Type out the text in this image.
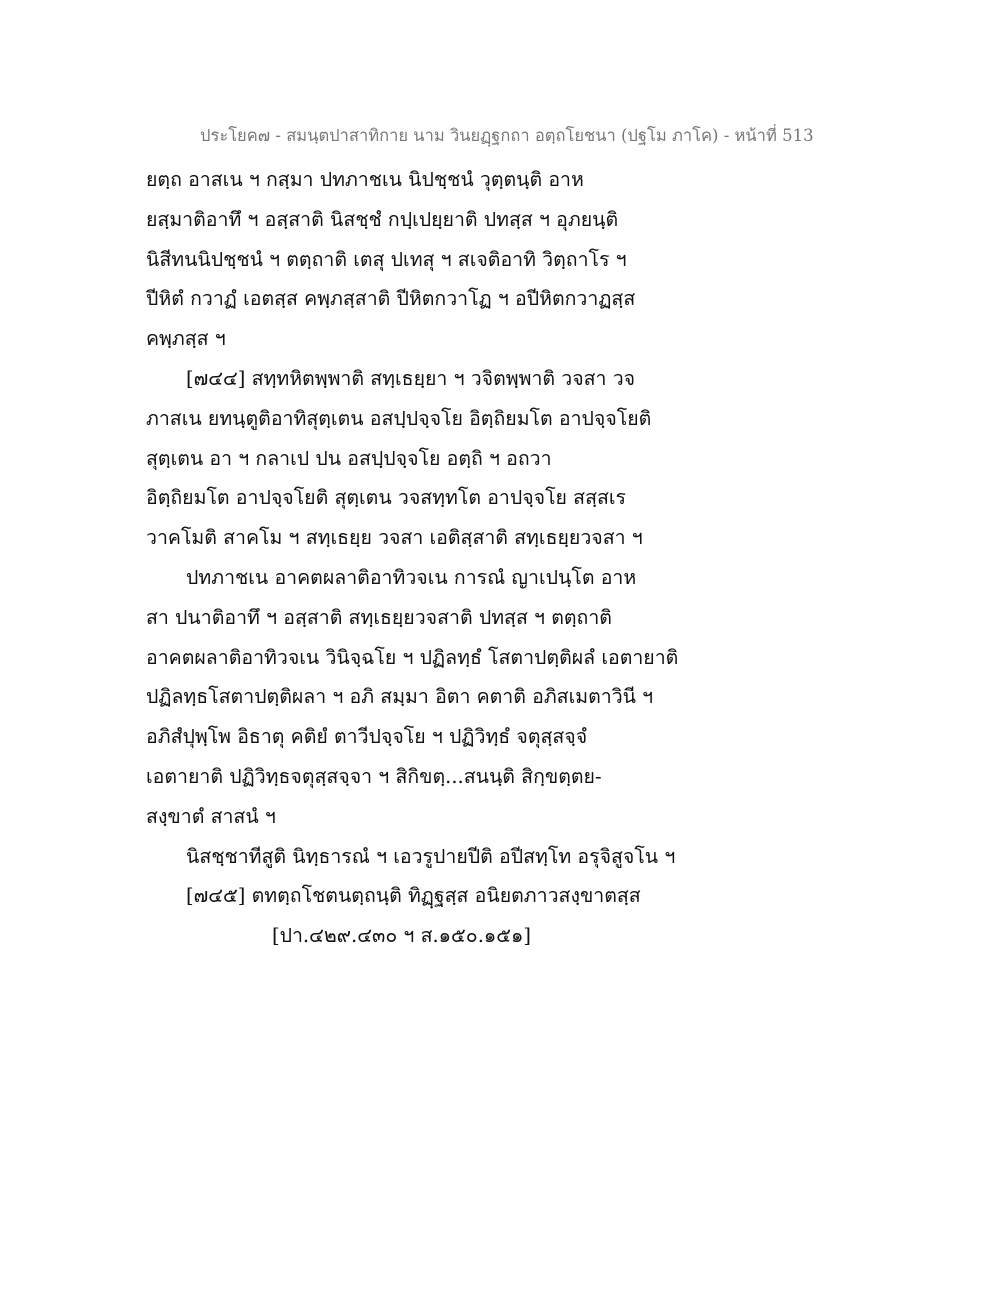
ประโยค๗ - สมนฺตปาสาทิกาย นาม วินยฏฺฐกถา อตฺถโยชนา (ปฐโม ภาโค) - หน้าที่ 513
ยตฺถ อาสเน ฯ กสฺมา ปทภาชเน นิปชฺชนํ วุตฺตนฺติ อาห
ยสฺมาติอาทึ ฯ อสฺสาติ นิสชฺชํ กปฺเปยฺยาติ ปทสฺส ฯ อุภยนฺติ
นิสีทนนิปชฺชนํ ฯ ตตฺถาติ เตสุ ปเทสุ ฯ สเจติอาทิ วิตฺถาโร ฯ
ปีหิตํ กวาฏํ เอตสฺส คพฺภสฺสาติ ปีหิตกวาโฏ ฯ อปีหิตกวาฏสฺส
คพฺภสฺส ฯ
[๗๔๔] สทฺทหิตพฺพาติ สทฺเธยฺยา ฯ วจิตพฺพาติ วจสา วจ
ภาสเน ยทนฺตูติอาทิสุตฺเตน อสปฺปจฺจโย อิตฺถิยมโต อาปจฺจโยติ
สุตฺเตน อา ฯ กลาเป ปน อสปฺปจฺจโย อตฺถิ ฯ อถวา
อิตฺถิยมโต อาปจฺจโยติ สุตฺเตน วจสทฺทโต อาปจฺจโย สสฺสเร
วาคโมติ สาคโม ฯ สทฺเธยฺย วจสา เอติสฺสาติ สทฺเธยฺยวจสา ฯ
ปทภาชเน อาคตผลาติอาทิวจเน การณํ ญาเปนฺโต อาห
สา ปนาติอาทึ ฯ อสฺสาติ สทฺเธยฺยวจสาติ ปทสฺส ฯ ตตฺถาติ
อาคตผลาติอาทิวจเน วินิจฺฉโย ฯ ปฏิลทฺธํ โสตาปตฺติผลํ เอตายาติ
ปฏิลทฺธโสตาปตฺติผลา ฯ อภิ สมฺมา อิตา คตาติ อภิสเมตาวินี ฯ
อภิสํปุพฺโพ อิธาตุ คติยํ ตาวีปจฺจโย ฯ ปฏิวิทฺธํ จตุสฺสจฺจํ
เอตายาติ ปฏิวิทฺธจตุสฺสจฺจา ฯ สิกิขตฺ...สนนฺติ สิกฺขตฺตย-
สงฺขาตํ สาสนํ ฯ
นิสชฺชาทีสูติ นิทฺธารณํ ฯ เอวรูปายปีติ อปีสทฺโท อรุจิสูจโน ฯ
[๗๔๕] ตทตฺถโชตนตฺถนฺติ ทิฏฺฐสฺส อนิยตภาวสงฺขาตสฺส
[ปา.๔๒๙.๔๓๐ ฯ ส.๑๕๐.๑๕๑]
